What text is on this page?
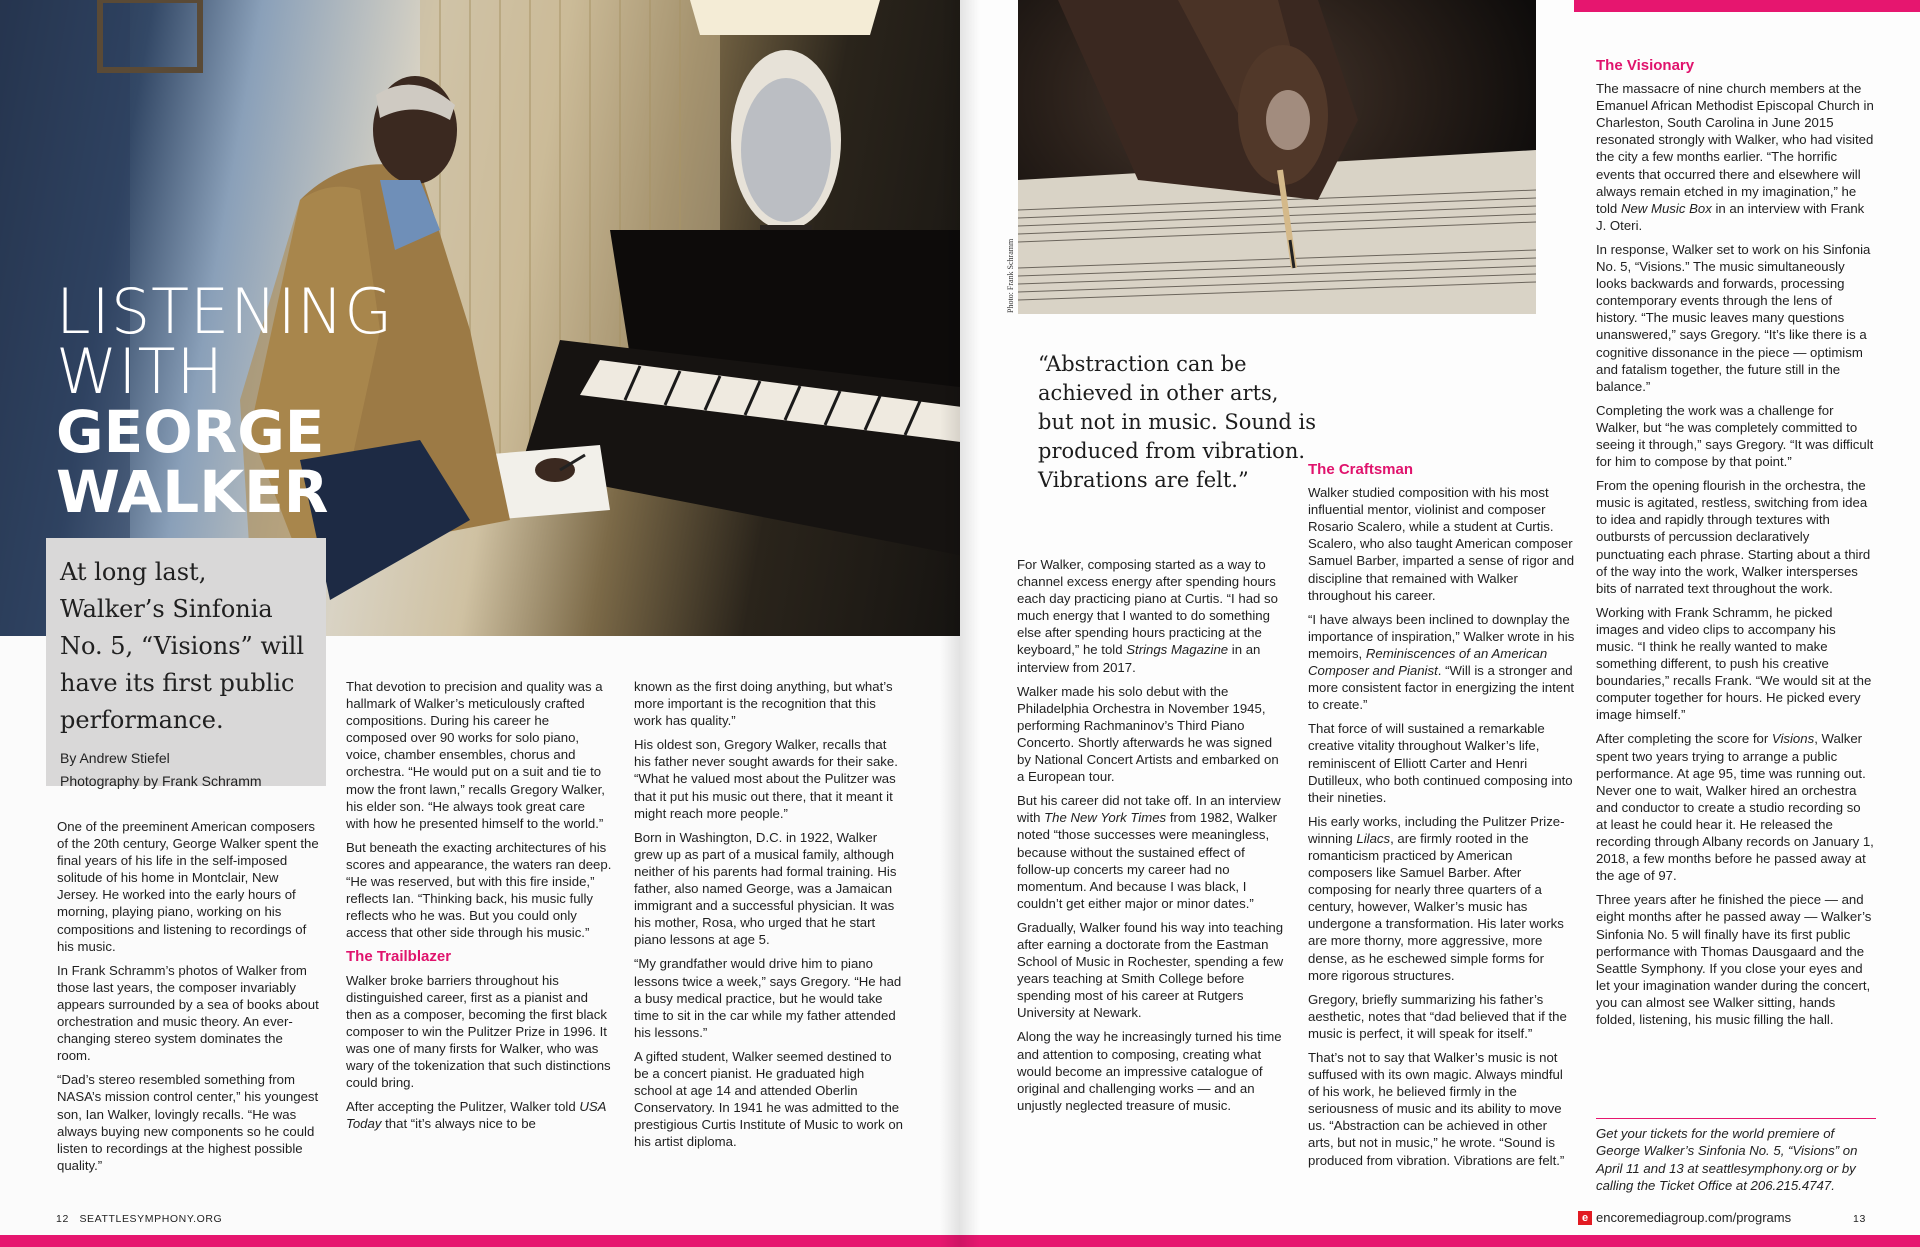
LISTENING
WITH
GEORGE
WALKER

At long last, Walker’s Sinfonia No. 5, “Visions” will have its first public performance.

By Andrew Stiefel

Photography by Frank Schramm

One of the preeminent American composers of the 20th century, George Walker spent the final years of his life in the self-imposed solitude of his home in Montclair, New Jersey. He worked into the early hours of morning, playing piano, working on his compositions and listening to recordings of his music.

In Frank Schramm’s photos of Walker from those last years, the composer invariably appears surrounded by a sea of books about orchestration and music theory. An ever-changing stereo system dominates the room.

“Dad’s stereo resembled something from NASA’s mission control center,” his youngest son, Ian Walker, lovingly recalls. “He was always buying new components so he could listen to recordings at the highest possible quality.”

That devotion to precision and quality was a hallmark of Walker’s meticulously crafted compositions. During his career he composed over 90 works for solo piano, voice, chamber ensembles, chorus and orchestra. “He would put on a suit and tie to mow the front lawn,” recalls Gregory Walker, his elder son. “He always took great care with how he presented himself to the world.”

But beneath the exacting architectures of his scores and appearance, the waters ran deep. “He was reserved, but with this fire inside,” reflects Ian. “Thinking back, his music fully reflects who he was. But you could only access that other side through his music.”

The Trailblazer

Walker broke barriers throughout his distinguished career, first as a pianist and then as a composer, becoming the first black composer to win the Pulitzer Prize in 1996. It was one of many firsts for Walker, who was wary of the tokenization that such distinctions could bring.

After accepting the Pulitzer, Walker told USA Today that “it’s always nice to be

known as the first doing anything, but what’s more important is the recognition that this work has quality.”

His oldest son, Gregory Walker, recalls that his father never sought awards for their sake. “What he valued most about the Pulitzer was that it put his music out there, that it meant it might reach more people.”

Born in Washington, D.C. in 1922, Walker grew up as part of a musical family, although neither of his parents had formal training. His father, also named George, was a Jamaican immigrant and a successful physician. It was his mother, Rosa, who urged that he start piano lessons at age 5.

“My grandfather would drive him to piano lessons twice a week,” says Gregory. “He had a busy medical practice, but he would take time to sit in the car while my father attended his lessons.”

A gifted student, Walker seemed destined to be a concert pianist. He graduated high school at age 14 and attended Oberlin Conservatory. In 1941 he was admitted to the prestigious Curtis Institute of Music to work on his artist diploma.

12 SEATTLESYMPHONY.ORG
Photo: Frank Schramm
“Abstraction can be achieved in other arts, but not in music. Sound is produced from vibration. Vibrations are felt.”

For Walker, composing started as a way to channel excess energy after spending hours each day practicing piano at Curtis. “I had so much energy that I wanted to do something else after spending hours practicing at the keyboard,” he told Strings Magazine in an interview from 2017.

Walker made his solo debut with the Philadelphia Orchestra in November 1945, performing Rachmaninov’s Third Piano Concerto. Shortly afterwards he was signed by National Concert Artists and embarked on a European tour.

But his career did not take off. In an interview with The New York Times from 1982, Walker noted “those successes were meaningless, because without the sustained effect of follow-up concerts my career had no momentum. And because I was black, I couldn’t get either major or minor dates.”

Gradually, Walker found his way into teaching after earning a doctorate from the Eastman School of Music in Rochester, spending a few years teaching at Smith College before spending most of his career at Rutgers University at Newark.

Along the way he increasingly turned his time and attention to composing, creating what would become an impressive catalogue of original and challenging works — and an unjustly neglected treasure of music.

The Craftsman

Walker studied composition with his most influential mentor, violinist and composer Rosario Scalero, while a student at Curtis. Scalero, who also taught American composer Samuel Barber, imparted a sense of rigor and discipline that remained with Walker throughout his career.

“I have always been inclined to downplay the importance of inspiration,” Walker wrote in his memoirs, Reminiscences of an American Composer and Pianist. “Will is a stronger and more consistent factor in energizing the intent to create.”

That force of will sustained a remarkable creative vitality throughout Walker’s life, reminiscent of Elliott Carter and Henri Dutilleux, who both continued composing into their nineties.

His early works, including the Pulitzer Prize-winning Lilacs, are firmly rooted in the romanticism practiced by American composers like Samuel Barber. After composing for nearly three quarters of a century, however, Walker’s music has undergone a transformation. His later works are more thorny, more aggressive, more dense, as he eschewed simple forms for more rigorous structures.

Gregory, briefly summarizing his father’s aesthetic, notes that “dad believed that if the music is perfect, it will speak for itself.”

That’s not to say that Walker’s music is not suffused with its own magic. Always mindful of his work, he believed firmly in the seriousness of music and its ability to move us. “Abstraction can be achieved in other arts, but not in music,” he wrote. “Sound is produced from vibration. Vibrations are felt.”

The Visionary

The massacre of nine church members at the Emanuel African Methodist Episcopal Church in Charleston, South Carolina in June 2015 resonated strongly with Walker, who had visited the city a few months earlier. “The horrific events that occurred there and elsewhere will always remain etched in my imagination,” he told New Music Box in an interview with Frank J. Oteri.

In response, Walker set to work on his Sinfonia No. 5, “Visions.” The music simultaneously looks backwards and forwards, processing contemporary events through the lens of history. “The music leaves many questions unanswered,” says Gregory. “It’s like there is a cognitive dissonance in the piece — optimism and fatalism together, the future still in the balance.”

Completing the work was a challenge for Walker, but “he was completely committed to seeing it through,” says Gregory. “It was difficult for him to compose by that point.”

From the opening flourish in the orchestra, the music is agitated, restless, switching from idea to idea and rapidly through textures with outbursts of percussion declaratively punctuating each phrase. Starting about a third of the way into the work, Walker intersperses bits of narrated text throughout the work.

Working with Frank Schramm, he picked images and video clips to accompany his music. “I think he really wanted to make something different, to push his creative boundaries,” recalls Frank. “We would sit at the computer together for hours. He picked every image himself.”

After completing the score for Visions, Walker spent two years trying to arrange a public performance. At age 95, time was running out. Never one to wait, Walker hired an orchestra and conductor to create a studio recording so at least he could hear it. He released the recording through Albany records on January 1, 2018, a few months before he passed away at the age of 97.

Three years after he finished the piece — and eight months after he passed away — Walker’s Sinfonia No. 5 will finally have its first public performance with Thomas Dausgaard and the Seattle Symphony. If you close your eyes and let your imagination wander during the concert, you can almost see Walker sitting, hands folded, listening, his music filling the hall.

Get your tickets for the world premiere of George Walker’s Sinfonia No. 5, “Visions” on April 11 and 13 at seattlesymphony.org or by calling the Ticket Office at 206.215.4747.
e encoremediagroup.com/programs	13
